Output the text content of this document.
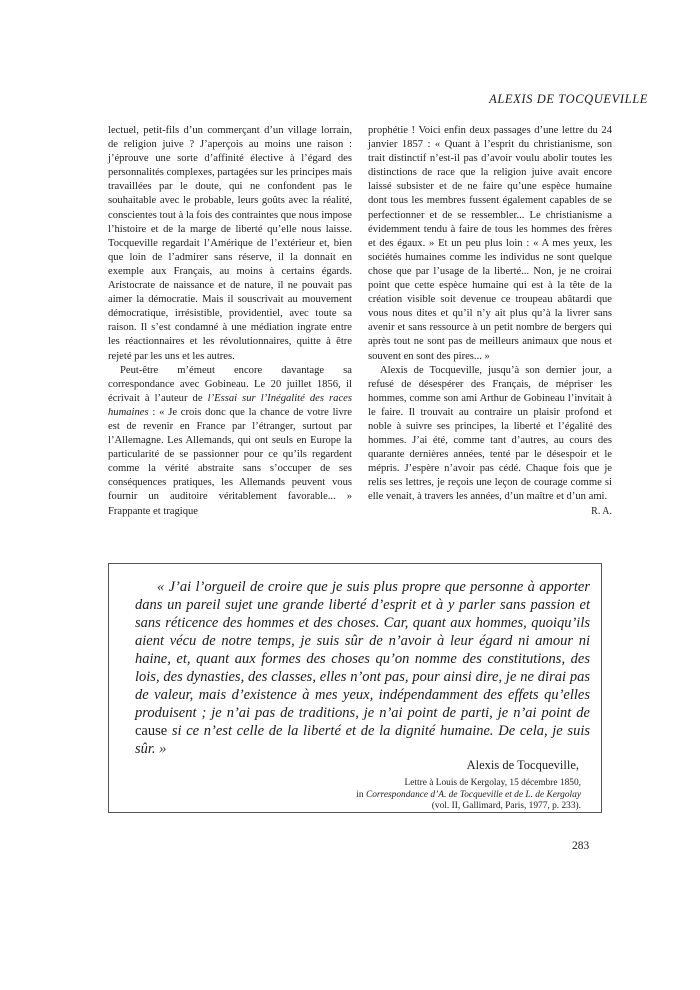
ALEXIS DE TOCQUEVILLE

lectuel, petit-fils d’un commerçant d’un village lorrain, de religion juive ? J’aperçois au moins une raison : j’éprouve une sorte d’affinité élective à l’égard des personnalités complexes, partagées sur les principes mais travaillées par le doute, qui ne confondent pas le souhaitable avec le probable, leurs goûts avec la réalité, conscientes tout à la fois des contraintes que nous impose l’histoire et de la marge de liberté qu’elle nous laisse. Tocqueville regardait l’Amérique de l’extérieur et, bien que loin de l’admirer sans réserve, il la donnait en exemple aux Français, au moins à certains égards. Aristocrate de naissance et de nature, il ne pouvait pas aimer la démocratie. Mais il souscrivait au mouvement démocratique, irrésistible, providentiel, avec toute sa raison. Il s’est condamné à une médiation ingrate entre les réactionnaires et les révolutionnaires, quitte à être rejeté par les uns et les autres.

Peut-être m’émeut encore davantage sa correspondance avec Gobineau. Le 20 juillet 1856, il écrivait à l’auteur de l’Essai sur l’Inégalité des races humaines : « Je crois donc que la chance de votre livre est de revenir en France par l’étranger, surtout par l’Allemagne. Les Allemands, qui ont seuls en Europe la particularité de se passionner pour ce qu’ils regardent comme la vérité abstraite sans s’occuper de ses conséquences pratiques, les Allemands peuvent vous fournir un auditoire véritablement favorable... » Frappante et tragique

prophétie ! Voici enfin deux passages d’une lettre du 24 janvier 1857 : « Quant à l’esprit du christianisme, son trait distinctif n’est-il pas d’avoir voulu abolir toutes les distinctions de race que la religion juive avait encore laissé subsister et de ne faire qu’une espèce humaine dont tous les membres fussent également capables de se perfectionner et de se ressembler... Le christianisme a évidemment tendu à faire de tous les hommes des frères et des égaux. » Et un peu plus loin : « A mes yeux, les sociétés humaines comme les individus ne sont quelque chose que par l’usage de la liberté... Non, je ne croirai point que cette espèce humaine qui est à la tête de la création visible soit devenue ce troupeau abâtardi que vous nous dites et qu’il n’y ait plus qu’à la livrer sans avenir et sans ressource à un petit nombre de bergers qui après tout ne sont pas de meilleurs animaux que nous et souvent en sont des pires... »

Alexis de Tocqueville, jusqu’à son dernier jour, a refusé de désespérer des Français, de mépriser les hommes, comme son ami Arthur de Gobineau l’invitait à le faire. Il trouvait au contraire un plaisir profond et noble à suivre ses principes, la liberté et l’égalité des hommes. J’ai été, comme tant d’autres, au cours des quarante dernières années, tenté par le désespoir et le mépris. J’espère n’avoir pas cédé. Chaque fois que je relis ses lettres, je reçois une leçon de courage comme si elle venait, à travers les années, d’un maître et d’un ami.

R. A.
« J’ai l’orgueil de croire que je suis plus propre que personne à apporter dans un pareil sujet une grande liberté d’esprit et à y parler sans passion et sans réticence des hommes et des choses. Car, quant aux hommes, quoiqu’ils aient vécu de notre temps, je suis sûr de n’avoir à leur égard ni amour ni haine, et, quant aux formes des choses qu’on nomme des constitutions, des lois, des dynasties, des classes, elles n’ont pas, pour ainsi dire, je ne dirai pas de valeur, mais d’existence à mes yeux, indépendamment des effets qu’elles produisent ; je n’ai pas de traditions, je n’ai point de parti, je n’ai point de cause si ce n’est celle de la liberté et de la dignité humaine. De cela, je suis sûr. »
Alexis de Tocqueville,
Lettre à Louis de Kergolay, 15 décembre 1850,
in Correspondance d’A. de Tocqueville et de L. de Kergolay
(vol. II, Gallimard, Paris, 1977, p. 233).
283
